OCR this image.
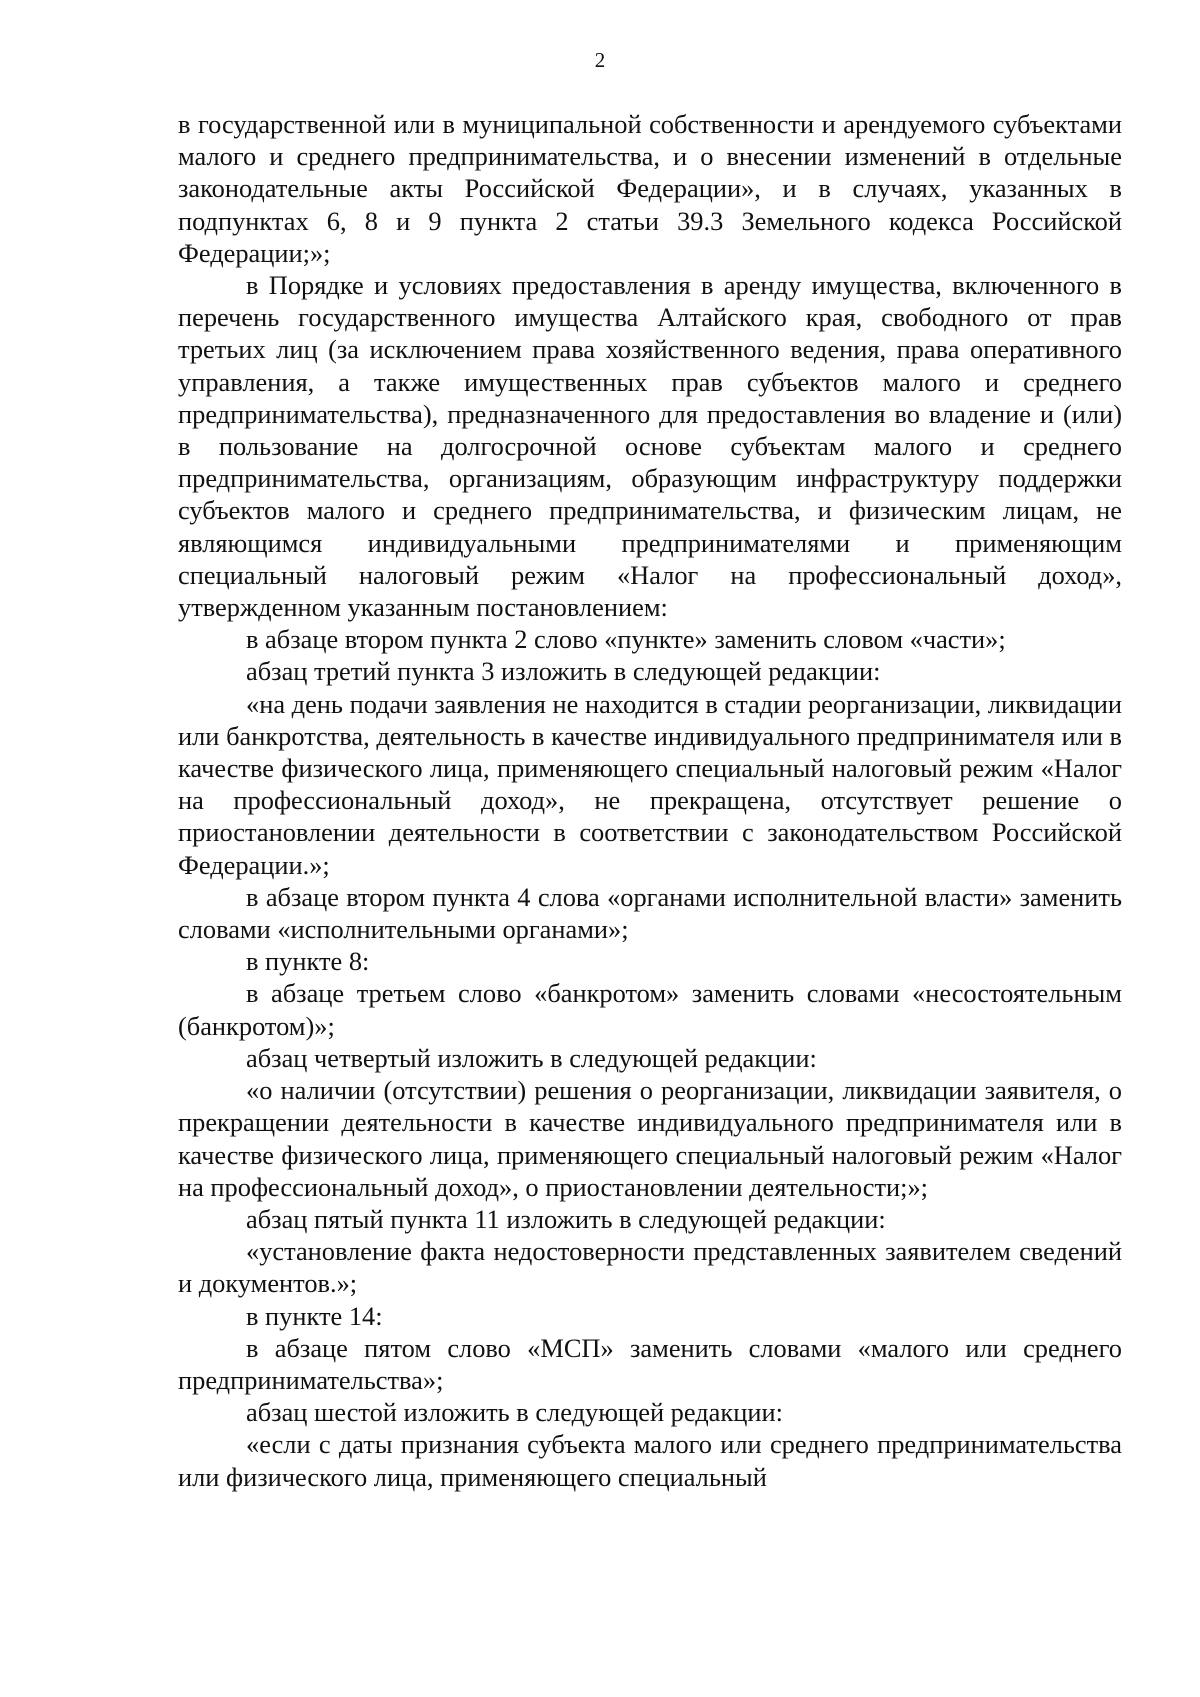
2

в государственной или в муниципальной собственности и арендуемого субъектами малого и среднего предпринимательства, и о внесении изменений в отдельные законодательные акты Российской Федерации», и в случаях, указанных в подпунктах 6, 8 и 9 пункта 2 статьи 39.3 Земельного кодекса Российской Федерации;»;

в Порядке и условиях предоставления в аренду имущества, включенного в перечень государственного имущества Алтайского края, свободного от прав третьих лиц (за исключением права хозяйственного ведения, права оперативного управления, а также имущественных прав субъектов малого и среднего предпринимательства), предназначенного для предоставления во владение и (или) в пользование на долгосрочной основе субъектам малого и среднего предпринимательства, организациям, образующим инфраструктуру поддержки субъектов малого и среднего предпринимательства, и физическим лицам, не являющимся индивидуальными предпринимателями и применяющим специальный налоговый режим «Налог на профессиональный доход», утвержденном указанным постановлением:

в абзаце втором пункта 2 слово «пункте» заменить словом «части»;

абзац третий пункта 3 изложить в следующей редакции:

«на день подачи заявления не находится в стадии реорганизации, ликвидации или банкротства, деятельность в качестве индивидуального предпринимателя или в качестве физического лица, применяющего специальный налоговый режим «Налог на профессиональный доход», не прекращена, отсутствует решение о приостановлении деятельности в соответствии с законодательством Российской Федерации.»;

в абзаце втором пункта 4 слова «органами исполнительной власти» заменить словами «исполнительными органами»;

в пункте 8:

в абзаце третьем слово «банкротом» заменить словами «несостоятельным (банкротом)»;

абзац четвертый изложить в следующей редакции:

«о наличии (отсутствии) решения о реорганизации, ликвидации заявителя, о прекращении деятельности в качестве индивидуального предпринимателя или в качестве физического лица, применяющего специальный налоговый режим «Налог на профессиональный доход», о приостановлении деятельности;»;

абзац пятый пункта 11 изложить в следующей редакции:

«установление факта недостоверности представленных заявителем сведений и документов.»;

в пункте 14:

в абзаце пятом слово «МСП» заменить словами «малого или среднего предпринимательства»;

абзац шестой изложить в следующей редакции:

«если с даты признания субъекта малого или среднего предпринимательства или физического лица, применяющего специальный
